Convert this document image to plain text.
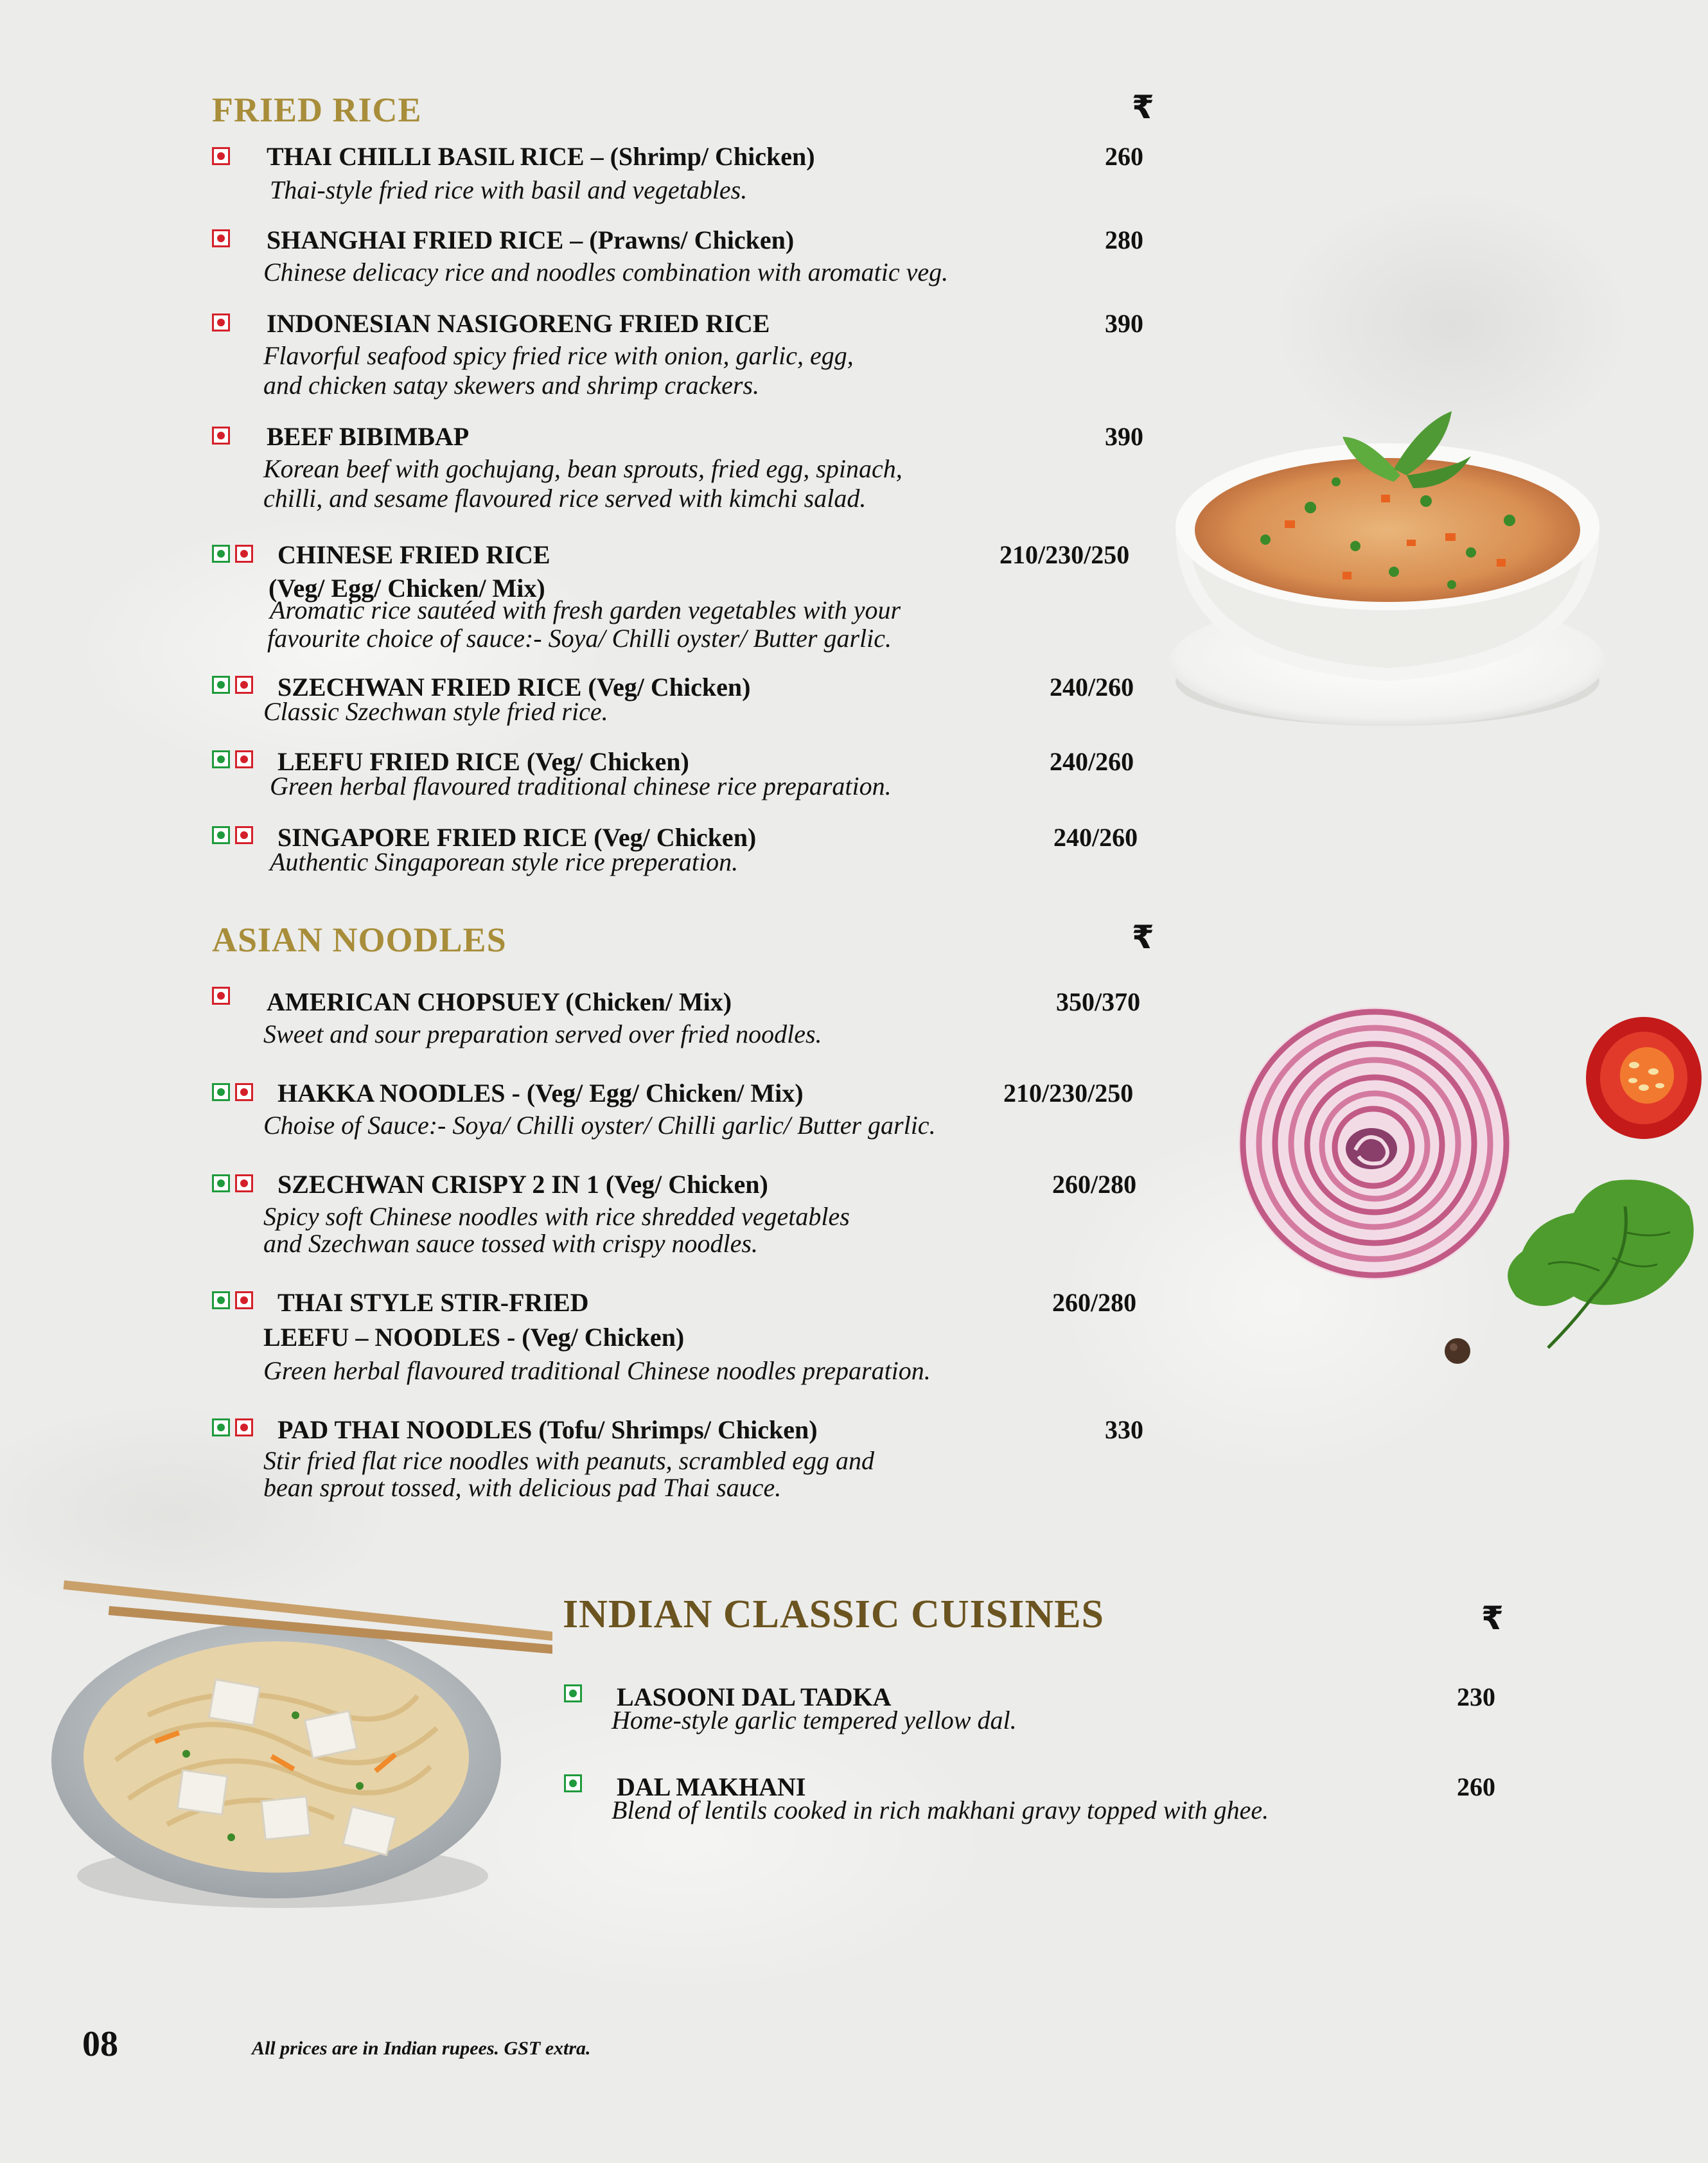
FRIED RICE	₹
THAI CHILLI BASIL RICE – (Shrimp/ Chicken)	260
Thai-style fried rice with basil and vegetables.
SHANGHAI FRIED RICE – (Prawns/ Chicken)	280
Chinese delicacy rice and noodles combination with aromatic veg.
INDONESIAN NASIGORENG FRIED RICE	390
Flavorful seafood spicy fried rice with onion, garlic, egg,
and chicken satay skewers and shrimp crackers.
BEEF BIBIMBAP	390
Korean beef with gochujang, bean sprouts, fried egg, spinach,
chilli, and sesame flavoured rice served with kimchi salad.
CHINESE FRIED RICE	210/230/250
(Veg/ Egg/ Chicken/ Mix)
Aromatic rice sautéed with fresh garden vegetables with your
favourite choice of sauce:- Soya/ Chilli oyster/ Butter garlic.
SZECHWAN FRIED RICE (Veg/ Chicken)	240/260
Classic Szechwan style fried rice.
LEEFU FRIED RICE (Veg/ Chicken)	240/260
Green herbal flavoured traditional chinese rice preparation.
SINGAPORE FRIED RICE (Veg/ Chicken)	240/260
Authentic Singaporean style rice preperation.
ASIAN NOODLES	₹
AMERICAN CHOPSUEY (Chicken/ Mix)	350/370
Sweet and sour preparation served over fried noodles.
HAKKA NOODLES - (Veg/ Egg/ Chicken/ Mix)	210/230/250
Choise of Sauce:- Soya/ Chilli oyster/ Chilli garlic/ Butter garlic.
SZECHWAN CRISPY 2 IN 1 (Veg/ Chicken)	260/280
Spicy soft Chinese noodles with rice shredded vegetables
and Szechwan sauce tossed with crispy noodles.
THAI STYLE STIR-FRIED	260/280
LEEFU – NOODLES - (Veg/ Chicken)
Green herbal flavoured traditional Chinese noodles preparation.
PAD THAI NOODLES (Tofu/ Shrimps/ Chicken)	330
Stir fried flat rice noodles with peanuts, scrambled egg and
bean sprout tossed, with delicious pad Thai sauce.
INDIAN CLASSIC CUISINES	₹
LASOONI DAL TADKA	230
Home-style garlic tempered yellow dal.
DAL MAKHANI	260
Blend of lentils cooked in rich makhani gravy topped with ghee.
08	All prices are in Indian rupees. GST extra.
